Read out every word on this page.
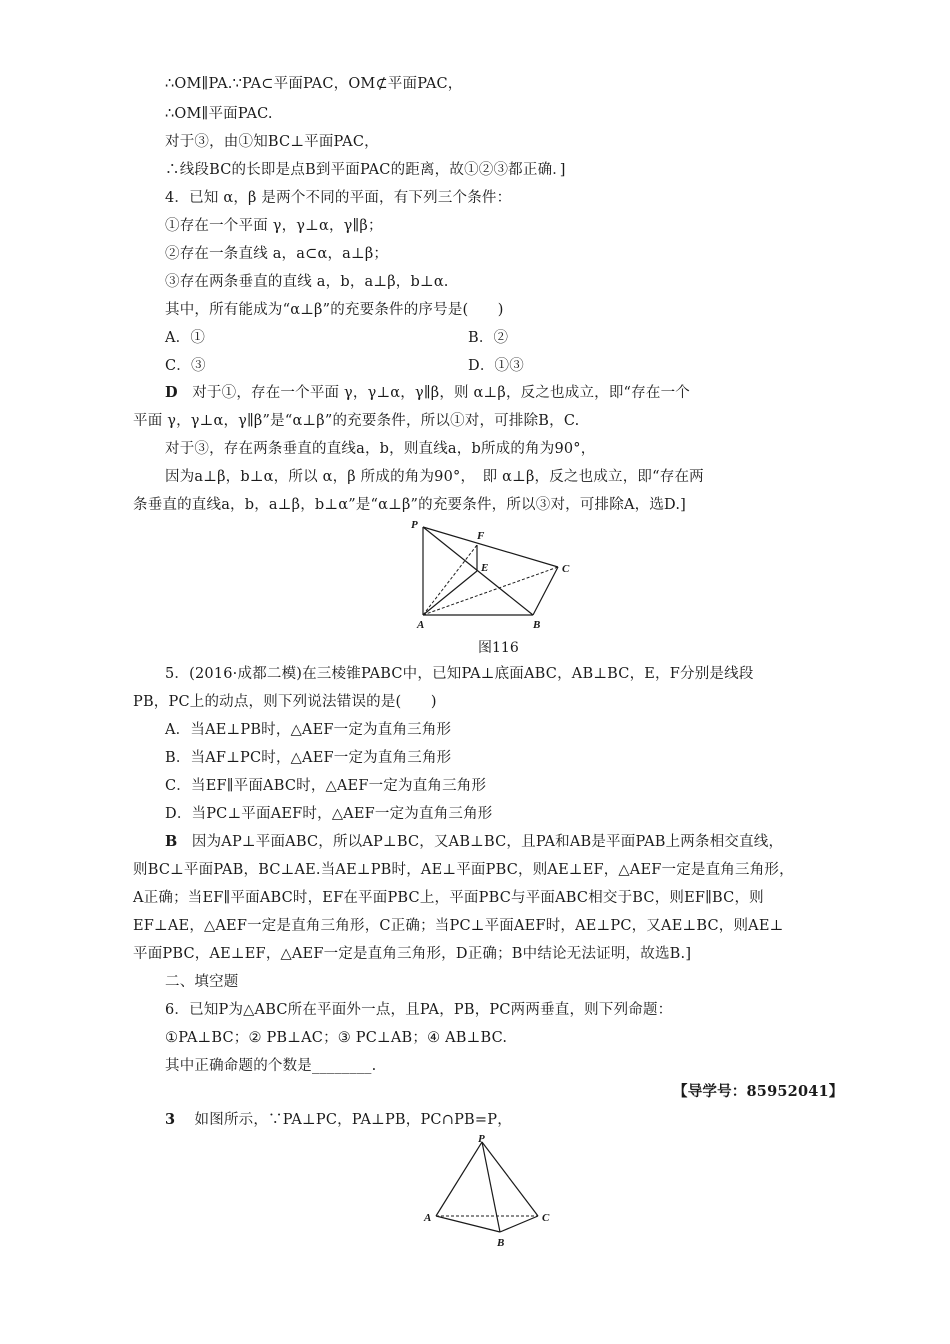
∴OM∥PA.∵PA⊂平面PAC，OM⊄平面PAC，
∴OM∥平面PAC.
对于③，由①知BC⊥平面PAC，
∴线段BC的长即是点B到平面PAC的距离，故①②③都正确．]
4．已知 α，β 是两个不同的平面，有下列三个条件：
①存在一个平面 γ，γ⊥α，γ∥β；
②存在一条直线 a，a⊂α，a⊥β；
③存在两条垂直的直线 a，b，a⊥β，b⊥α.
其中，所有能成为“α⊥β”的充要条件的序号是(　　)
A．①	B．②
C．③	D．①③
D 对于①，存在一个平面 γ，γ⊥α，γ∥β，则 α⊥β，反之也成立，即“存在一个
平面 γ，γ⊥α，γ∥β”是“α⊥β”的充要条件，所以①对，可排除B，C.
对于③，存在两条垂直的直线a，b，则直线a，b所成的角为90°，
因为a⊥β，b⊥α，所以 α，β 所成的角为90°，　即 α⊥β，反之也成立，即“存在两
条垂直的直线a，b，a⊥β，b⊥α”是“α⊥β”的充要条件，所以③对，可排除A，选D.]
P
F
E	C
A	B
图116
5．(2016·成都二模)在三棱锥PABC中，已知PA⊥底面ABC，AB⊥BC，E，F分别是线段
PB，PC上的动点，则下列说法错误的是(　　)
A．当AE⊥PB时，△AEF一定为直角三角形
B．当AF⊥PC时，△AEF一定为直角三角形
C．当EF∥平面ABC时，△AEF一定为直角三角形
D．当PC⊥平面AEF时，△AEF一定为直角三角形
B 因为AP⊥平面ABC，所以AP⊥BC，又AB⊥BC，且PA和AB是平面PAB上两条相交直线，
则BC⊥平面PAB，BC⊥AE.当AE⊥PB时，AE⊥平面PBC，则AE⊥EF，△AEF一定是直角三角形，
A正确；当EF∥平面ABC时，EF在平面PBC上，平面PBC与平面ABC相交于BC，则EF∥BC，则
EF⊥AE，△AEF一定是直角三角形，C正确；当PC⊥平面AEF时，AE⊥PC，又AE⊥BC，则AE⊥
平面PBC，AE⊥EF，△AEF一定是直角三角形，D正确；B中结论无法证明，故选B.]
二、填空题
6．已知P为△ABC所在平面外一点，且PA，PB，PC两两垂直，则下列命题：
①PA⊥BC；② PB⊥AC；③ PC⊥AB；④ AB⊥BC.
其中正确命题的个数是________.
【导学号：85952041】
3 如图所示，∵PA⊥PC，PA⊥PB，PC∩PB=P，
P
A
B
C
